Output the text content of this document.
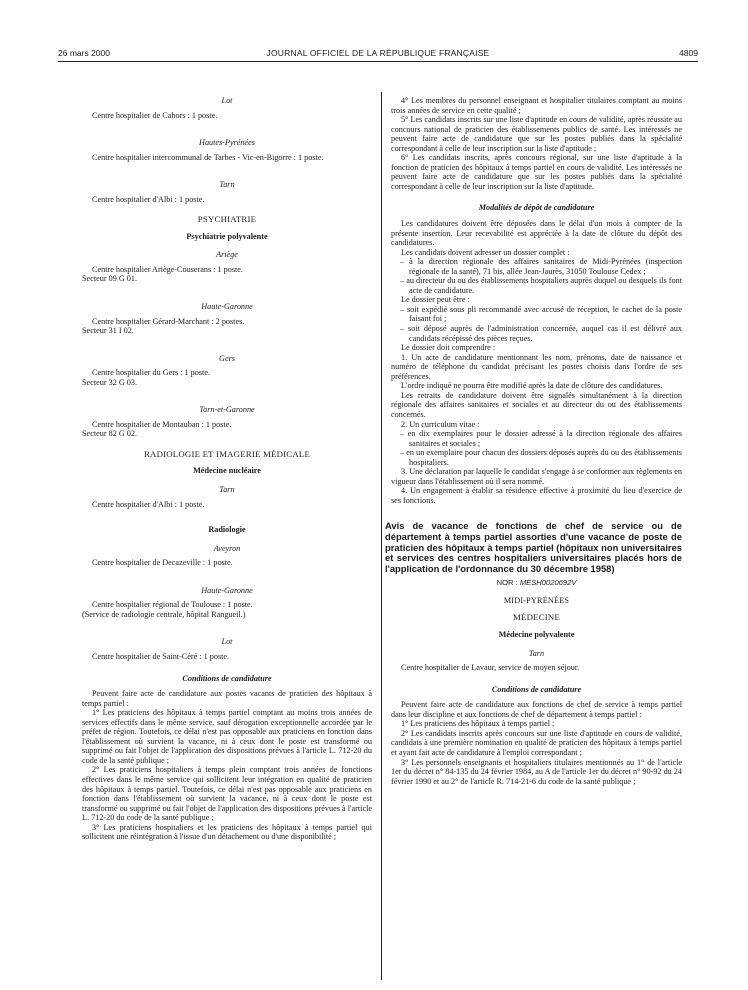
26 mars 2000	JOURNAL OFFICIEL DE LA RÉPUBLIQUE FRANÇAISE	4809
Lot

Centre hospitalier de Cahors : 1 poste.

Hautes-Pyrénées

Centre hospitalier intercommunal de Tarbes - Vic-en-Bigorre : 1 poste.

Tarn

Centre hospitalier d'Albi : 1 poste.

PSYCHIATRIE
Psychiatrie polyvalente
Ariège

Centre hospitalier Ariège-Couserans : 1 poste.

Secteur 09 G 01.

Haute-Garonne

Centre hospitalier Gérard-Marchant : 2 postes.

Secteur 31 I 02.

Gers

Centre hospitalier du Gers : 1 poste.

Secteur 32 G 03.

Tarn-et-Garonne

Centre hospitalier de Montauban : 1 poste.

Secteur 82 G 02.

RADIOLOGIE ET IMAGERIE MÉDICALE
Médecine nucléaire
Tarn

Centre hospitalier d'Albi : 1 poste.

Radiologie
Aveyron

Centre hospitalier de Decazeville : 1 poste.

Haute-Garonne

Centre hospitalier régional de Toulouse : 1 poste.

(Service de radiologie centrale, hôpital Rangueil.)

Lot

Centre hospitalier de Saint-Céré : 1 poste.

Conditions de candidature

Peuvent faire acte de candidature aux postes vacants de praticien des hôpitaux à temps partiel :

1° Les praticiens des hôpitaux à temps partiel comptant au moins trois années de services effectifs dans le même service, sauf dérogation exceptionnelle accordée par le préfet de région. Toutefois, ce délai n'est pas opposable aux praticiens en fonction dans l'établissement où survient la vacance, ni à ceux dont le poste est transformé ou supprimé ou fait l'objet de l'application des dispositions prévues à l'article L. 712-20 du code de la santé publique ;

2° Les praticiens hospitaliers à temps plein comptant trois années de fonctions effectives dans le même service qui sollicitent leur intégration en qualité de praticien des hôpitaux à temps partiel. Toutefois, ce délai n'est pas opposable aux praticiens en fonction dans l'établissement où survient la vacance, ni à ceux dont le poste est transformé ou supprimé ou fait l'objet de l'application des dispositions prévues à l'article L. 712-20 du code de la santé publique ;

3° Les praticiens hospitaliers et les praticiens des hôpitaux à temps partiel qui sollicitent une réintégration à l'issue d'un détachement ou d'une disponibilité ;

4° Les membres du personnel enseignant et hospitalier titulaires comptant au moins trois années de service en cette qualité ;

5° Les candidats inscrits sur une liste d'aptitude en cours de validité, après réussite au concours national de praticien des établissements publics de santé. Les intéressés ne peuvent faire acte de candidature que sur les postes publiés dans la spécialité correspondant à celle de leur inscription sur la liste d'aptitude ;

6° Les candidats inscrits, après concours régional, sur une liste d'aptitude à la fonction de praticien des hôpitaux à temps partiel en cours de validité. Les intéressés ne peuvent faire acte de candidature que sur les postes publiés dans la spécialité correspondant à celle de leur inscription sur la liste d'aptitude.

Modalités de dépôt de candidature

Les candidatures doivent être déposées dans le délai d'un mois à compter de la présente insertion. Leur recevabilité est appréciée à la date de clôture du dépôt des candidatures.

Les candidats doivent adresser un dossier complet :

– à la direction régionale des affaires sanitaires de Midi-Pyrénées (inspection régionale de la santé), 71 bis, allée Jean-Jaurès, 31050 Toulouse Cedex ;

– au directeur du ou des établissements hospitaliers auprès duquel ou desquels ils font acte de candidature.

Le dossier peut être :

– soit expédié sous pli recommandé avec accusé de réception, le cachet de la poste faisant foi ;

– soit déposé auprès de l'administration concernée, auquel cas il est délivré aux candidats récépissé des pièces reçues.

Le dossier doit comprendre :

1. Un acte de candidature mentionnant les nom, prénoms, date de naissance et numéro de téléphone du candidat précisant les postes choisis dans l'ordre de ses préférences.

L'ordre indiqué ne pourra être modifié après la date de clôture des candidatures.

Les retraits de candidature doivent être signalés simultanément à la direction régionale des affaires sanitaires et sociales et au directeur du ou des établissements concernés.

2. Un curriculum vitae :

– en dix exemplaires pour le dossier adressé à la direction régionale des affaires sanitaires et sociales ;

– en un exemplaire pour chacun des dossiers déposés auprès du ou des établissements hospitaliers.

3. Une déclaration par laquelle le candidat s'engage à se conformer aux règlements en vigueur dans l'établissement où il sera nommé.

4. Un engagement à établir sa résidence effective à proximité du lieu d'exercice de ses fonctions.

Avis de vacance de fonctions de chef de service ou de département à temps partiel assorties d'une vacance de poste de praticien des hôpitaux à temps partiel (hôpitaux non universitaires et services des centres hospitaliers universitaires placés hors de l'application de l'ordonnance du 30 décembre 1958)
NOR : MESH0020692V
MIDI-PYRÉNÉES
MÉDECINE
Médecine polyvalente
Tarn

Centre hospitalier de Lavaur, service de moyen séjour.

Conditions de candidature

Peuvent faire acte de candidature aux fonctions de chef de service à temps partiel dans leur discipline et aux fonctions de chef de département à temps partiel :

1° Les praticiens des hôpitaux à temps partiel ;

2° Les candidats inscrits après concours sur une liste d'aptitude en cours de validité, candidats à une première nomination en qualité de praticien des hôpitaux à temps partiel et ayant fait acte de candidature à l'emploi correspondant ;

3° Les personnels enseignants et hospitaliers titulaires mentionnés au 1° de l'article 1er du décret n° 84-135 du 24 février 1984, au A de l'article 1er du décret n° 90-92 du 24 février 1990 et au 2° de l'article R. 714-21-6 du code de la santé publique ;
